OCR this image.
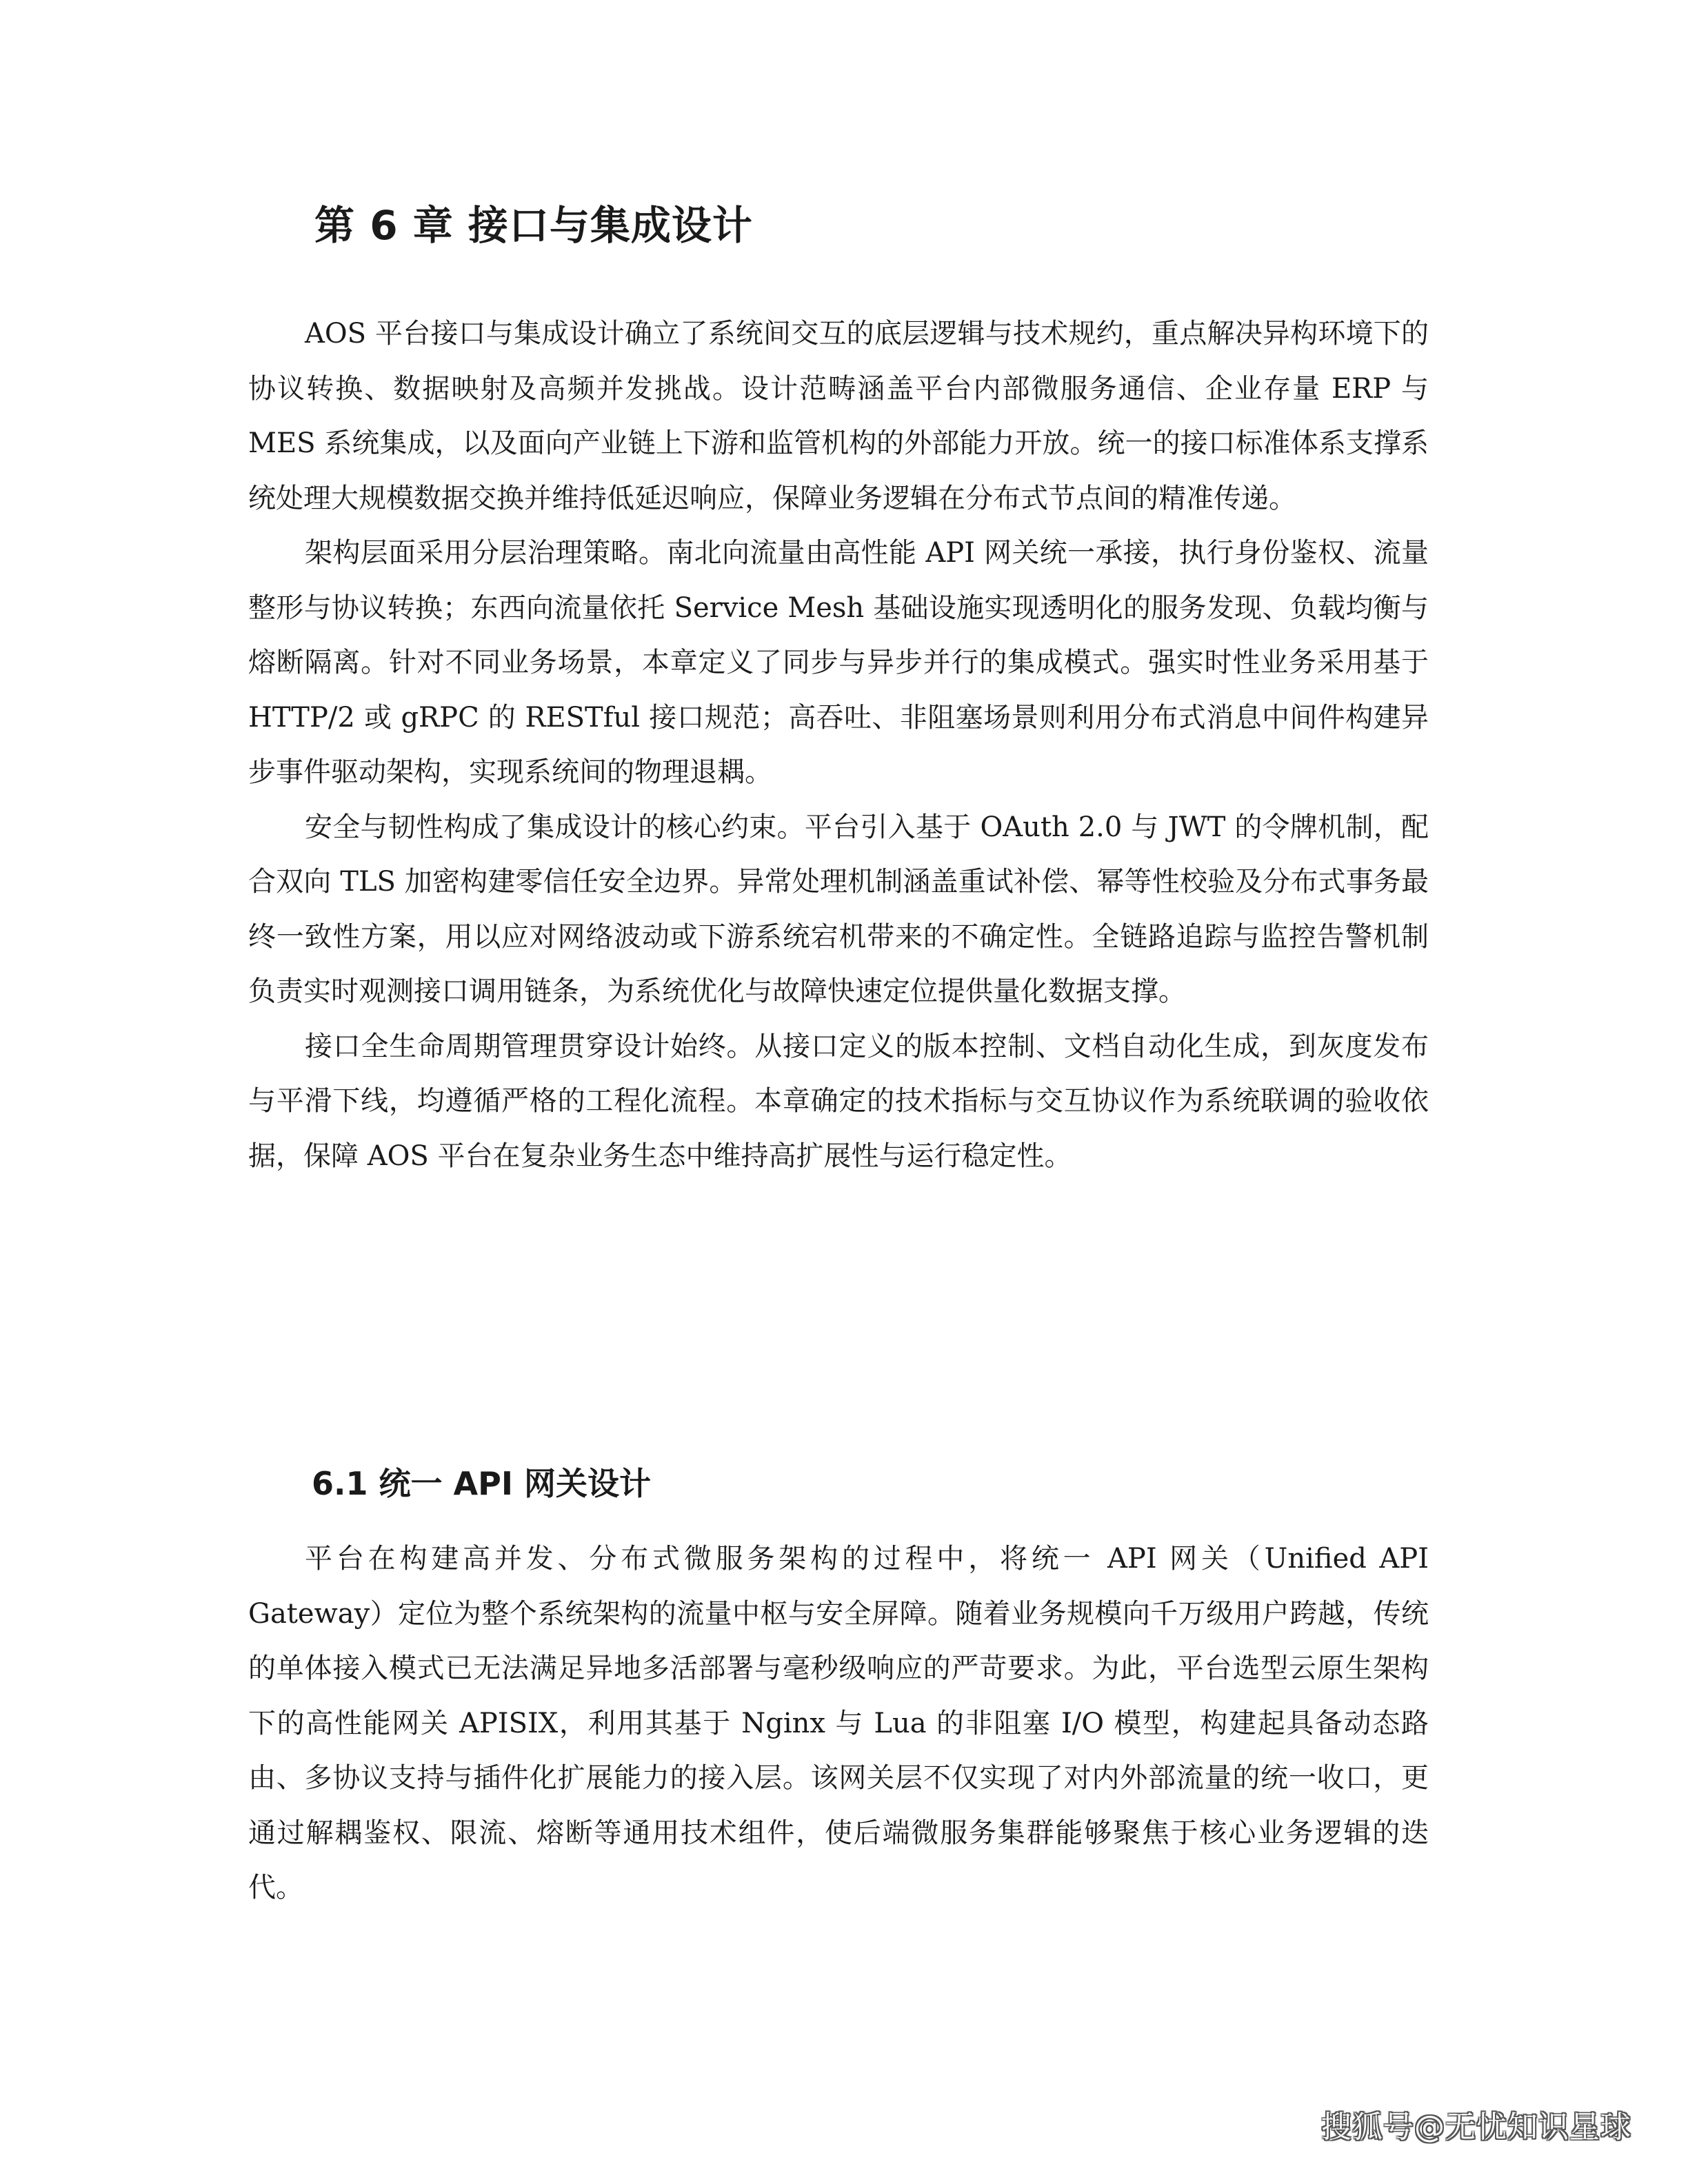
第 6 章 接口与集成设计

AOS 平台接口与集成设计确立了系统间交互的底层逻辑与技术规约，重点解决异构环境下的协议转换、数据映射及高频并发挑战。设计范畴涵盖平台内部微服务通信、企业存量 ERP 与 MES 系统集成，以及面向产业链上下游和监管机构的外部能力开放。统一的接口标准体系支撑系统处理大规模数据交换并维持低延迟响应，保障业务逻辑在分布式节点间的精准传递。

架构层面采用分层治理策略。南北向流量由高性能 API 网关统一承接，执行身份鉴权、流量整形与协议转换；东西向流量依托 Service Mesh 基础设施实现透明化的服务发现、负载均衡与熔断隔离。针对不同业务场景，本章定义了同步与异步并行的集成模式。强实时性业务采用基于 HTTP/2 或 gRPC 的 RESTful 接口规范；高吞吐、非阻塞场景则利用分布式消息中间件构建异步事件驱动架构，实现系统间的物理退耦。

安全与韧性构成了集成设计的核心约束。平台引入基于 OAuth 2.0 与 JWT 的令牌机制，配合双向 TLS 加密构建零信任安全边界。异常处理机制涵盖重试补偿、幂等性校验及分布式事务最终一致性方案，用以应对网络波动或下游系统宕机带来的不确定性。全链路追踪与监控告警机制负责实时观测接口调用链条，为系统优化与故障快速定位提供量化数据支撑。

接口全生命周期管理贯穿设计始终。从接口定义的版本控制、文档自动化生成，到灰度发布与平滑下线，均遵循严格的工程化流程。本章确定的技术指标与交互协议作为系统联调的验收依据，保障 AOS 平台在复杂业务生态中维持高扩展性与运行稳定性。

6.1 统一 API 网关设计

平台在构建高并发、分布式微服务架构的过程中，将统一 API 网关（Unified API Gateway）定位为整个系统架构的流量中枢与安全屏障。随着业务规模向千万级用户跨越，传统的单体接入模式已无法满足异地多活部署与毫秒级响应的严苛要求。为此，平台选型云原生架构下的高性能网关 APISIX，利用其基于 Nginx 与 Lua 的非阻塞 I/O 模型，构建起具备动态路由、多协议支持与插件化扩展能力的接入层。该网关层不仅实现了对内外部流量的统一收口，更通过解耦鉴权、限流、熔断等通用技术组件，使后端微服务集群能够聚焦于核心业务逻辑的迭代。

搜狐号@无忧知识星球
